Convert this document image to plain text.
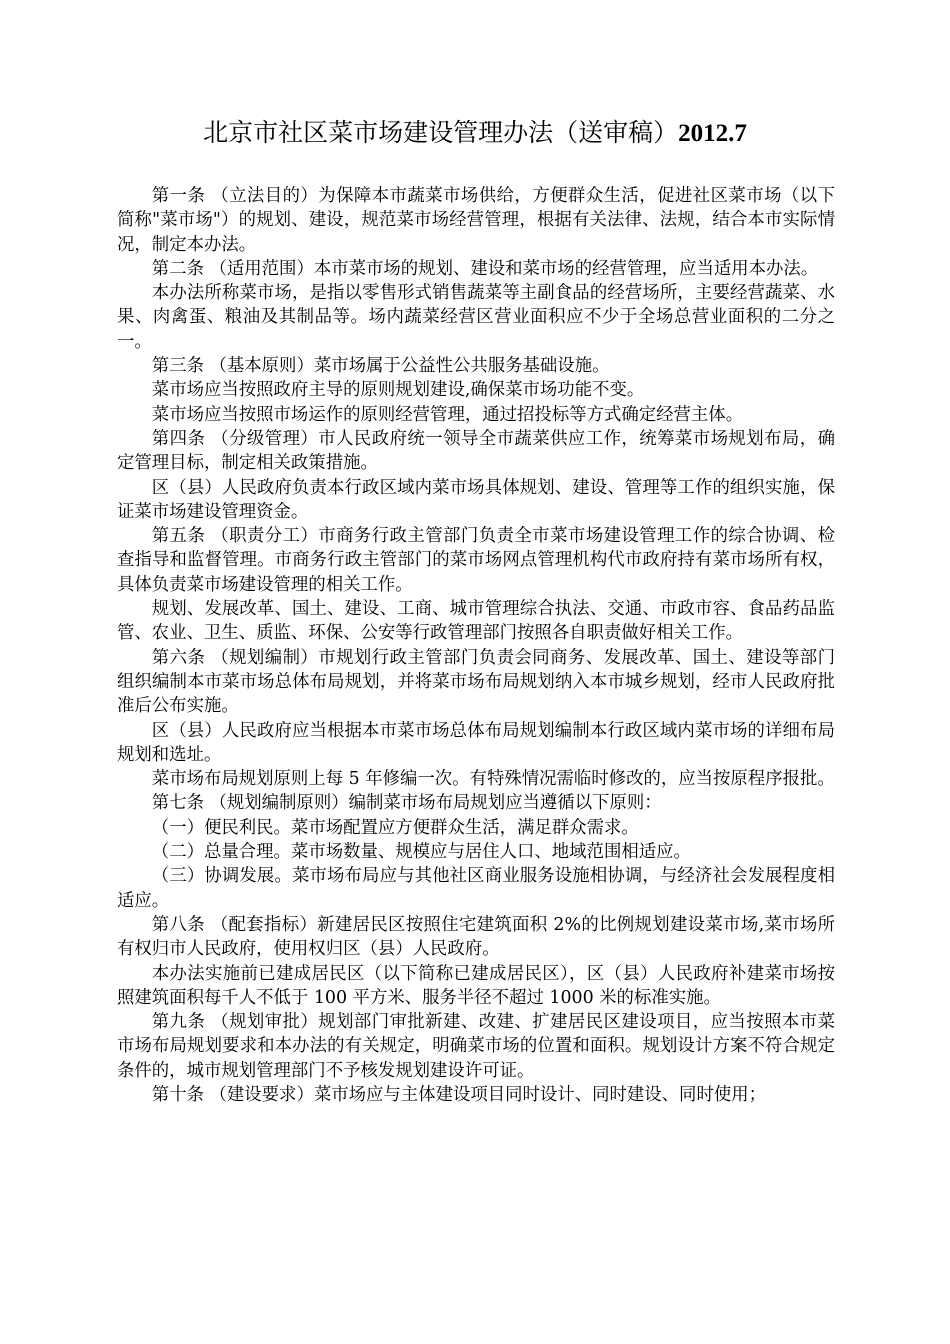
北京市社区菜市场建设管理办法（送审稿）2012.7

第一条 （立法目的）为保障本市蔬菜市场供给，方便群众生活，促进社区菜市场（以下简称"菜市场"）的规划、建设，规范菜市场经营管理，根据有关法律、法规，结合本市实际情况，制定本办法。

第二条 （适用范围）本市菜市场的规划、建设和菜市场的经营管理，应当适用本办法。

本办法所称菜市场，是指以零售形式销售蔬菜等主副食品的经营场所，主要经营蔬菜、水果、肉禽蛋、粮油及其制品等。场内蔬菜经营区营业面积应不少于全场总营业面积的二分之一。

第三条 （基本原则）菜市场属于公益性公共服务基础设施。

菜市场应当按照政府主导的原则规划建设,确保菜市场功能不变。

菜市场应当按照市场运作的原则经营管理，通过招投标等方式确定经营主体。

第四条 （分级管理）市人民政府统一领导全市蔬菜供应工作，统筹菜市场规划布局，确定管理目标，制定相关政策措施。

区（县）人民政府负责本行政区域内菜市场具体规划、建设、管理等工作的组织实施，保证菜市场建设管理资金。

第五条 （职责分工）市商务行政主管部门负责全市菜市场建设管理工作的综合协调、检查指导和监督管理。市商务行政主管部门的菜市场网点管理机构代市政府持有菜市场所有权，具体负责菜市场建设管理的相关工作。

规划、发展改革、国土、建设、工商、城市管理综合执法、交通、市政市容、食品药品监管、农业、卫生、质监、环保、公安等行政管理部门按照各自职责做好相关工作。

第六条 （规划编制）市规划行政主管部门负责会同商务、发展改革、国土、建设等部门组织编制本市菜市场总体布局规划，并将菜市场布局规划纳入本市城乡规划，经市人民政府批准后公布实施。

区（县）人民政府应当根据本市菜市场总体布局规划编制本行政区域内菜市场的详细布局规划和选址。

菜市场布局规划原则上每 5 年修编一次。有特殊情况需临时修改的，应当按原程序报批。

第七条 （规划编制原则）编制菜市场布局规划应当遵循以下原则：

（一）便民利民。菜市场配置应方便群众生活，满足群众需求。

（二）总量合理。菜市场数量、规模应与居住人口、地域范围相适应。

（三）协调发展。菜市场布局应与其他社区商业服务设施相协调，与经济社会发展程度相适应。

第八条 （配套指标）新建居民区按照住宅建筑面积 2%的比例规划建设菜市场,菜市场所有权归市人民政府，使用权归区（县）人民政府。

本办法实施前已建成居民区（以下简称已建成居民区），区（县）人民政府补建菜市场按照建筑面积每千人不低于 100 平方米、服务半径不超过 1000 米的标准实施。

第九条 （规划审批）规划部门审批新建、改建、扩建居民区建设项目，应当按照本市菜市场布局规划要求和本办法的有关规定，明确菜市场的位置和面积。规划设计方案不符合规定条件的，城市规划管理部门不予核发规划建设许可证。

第十条 （建设要求）菜市场应与主体建设项目同时设计、同时建设、同时使用；
